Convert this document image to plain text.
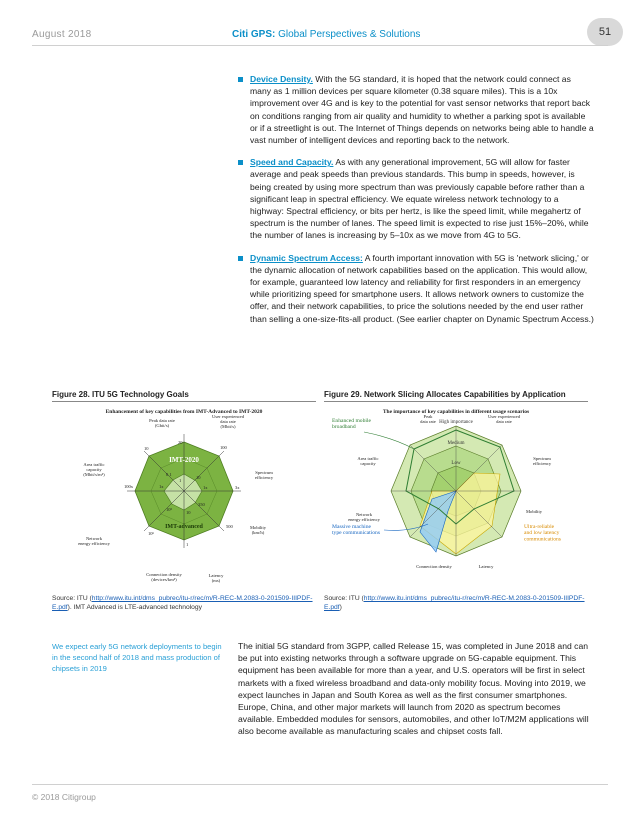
August 2018	Citi GPS: Global Perspectives & Solutions	51
Device Density. With the 5G standard, it is hoped that the network could connect as many as 1 million devices per square kilometer (0.38 square miles). This is a 10x improvement over 4G and is key to the potential for vast sensor networks that report back on conditions ranging from air quality and humidity to whether a parking spot is available or if a streetlight is out. The Internet of Things depends on networks being able to handle a vast number of intelligent devices and reporting back to the network.
Speed and Capacity. As with any generational improvement, 5G will allow for faster average and peak speeds than previous standards. This bump in speeds, however, is being created by using more spectrum than was previously capable before rather than a significant leap in spectral efficiency. We equate wireless network technology to a highway: Spectral efficiency, or bits per hertz, is like the speed limit, while megahertz of spectrum is the number of lanes. The speed limit is expected to rise just 15%–20%, while the number of lanes is increasing by 5–10x as we move from 4G to 5G.
Dynamic Spectrum Access: A fourth important innovation with 5G is 'network slicing,' or the dynamic allocation of network capabilities based on the application. This would allow, for example, guaranteed low latency and reliability for first responders in an emergency while prioritizing speed for smartphone users. It allows network owners to customize the offer, and their network capabilities, to price the solutions needed by the end user rather than selling a one-size-fits-all product. (See earlier chapter on Dynamic Spectrum Access.)
Figure 28. ITU 5G Technology Goals
Enhancement of key capabilities from IMT-Advanced to IMT-2020
IMT-2020
IMT-advanced
20
1
100
10
3x
1x
500
350
1
10
10⁶
10⁵
100x	1x
10
0.1
Peak data rate (Gbit/s)
User experienced data rate (Mbit/s)
Spectrum efficiency
Mobility (km/h)
Latency (ms)
Connection density (devices/km²)
Network energy efficiency
Area traffic capacity (Mbit/s/m²)
Source: ITU (http://www.itu.int/dms_pubrec/itu-r/rec/m/R-REC-M.2083-0-201509-IIIPDF-E.pdf). IMT Advanced is LTE-advanced technology
Figure 29. Network Slicing Allocates Capabilities by Application
The importance of key capabilities in different usage scenarios
High importance
Medium
Low
Peak data rate
User experienced data rate
Spectrum efficiency
Mobility
Latency
Connection density
Network energy efficiency
Area traffic capacity
Enhanced mobile broadband
Massive machine type communications
Ultra-reliable and low latency communications
Source: ITU (http://www.itu.int/dms_pubrec/itu-r/rec/m/R-REC-M.2083-0-201509-IIIPDF-E.pdf)
We expect early 5G network deployments to begin in the second half of 2018 and mass production of chipsets in 2019
The initial 5G standard from 3GPP, called Release 15, was completed in June 2018 and can be put into existing networks through a software upgrade on 5G-capable equipment. This equipment has been available for more than a year, and U.S. operators will be first in select markets with a fixed wireless broadband and data-only mobility focus. Moving into 2019, we expect launches in Japan and South Korea as well as the first consumer smartphones. Europe, China, and other major markets will launch from 2020 as spectrum becomes available. Embedded modules for sensors, automobiles, and other IoT/M2M applications will also become available as manufacturing scales and chipset costs fall.
© 2018 Citigroup
